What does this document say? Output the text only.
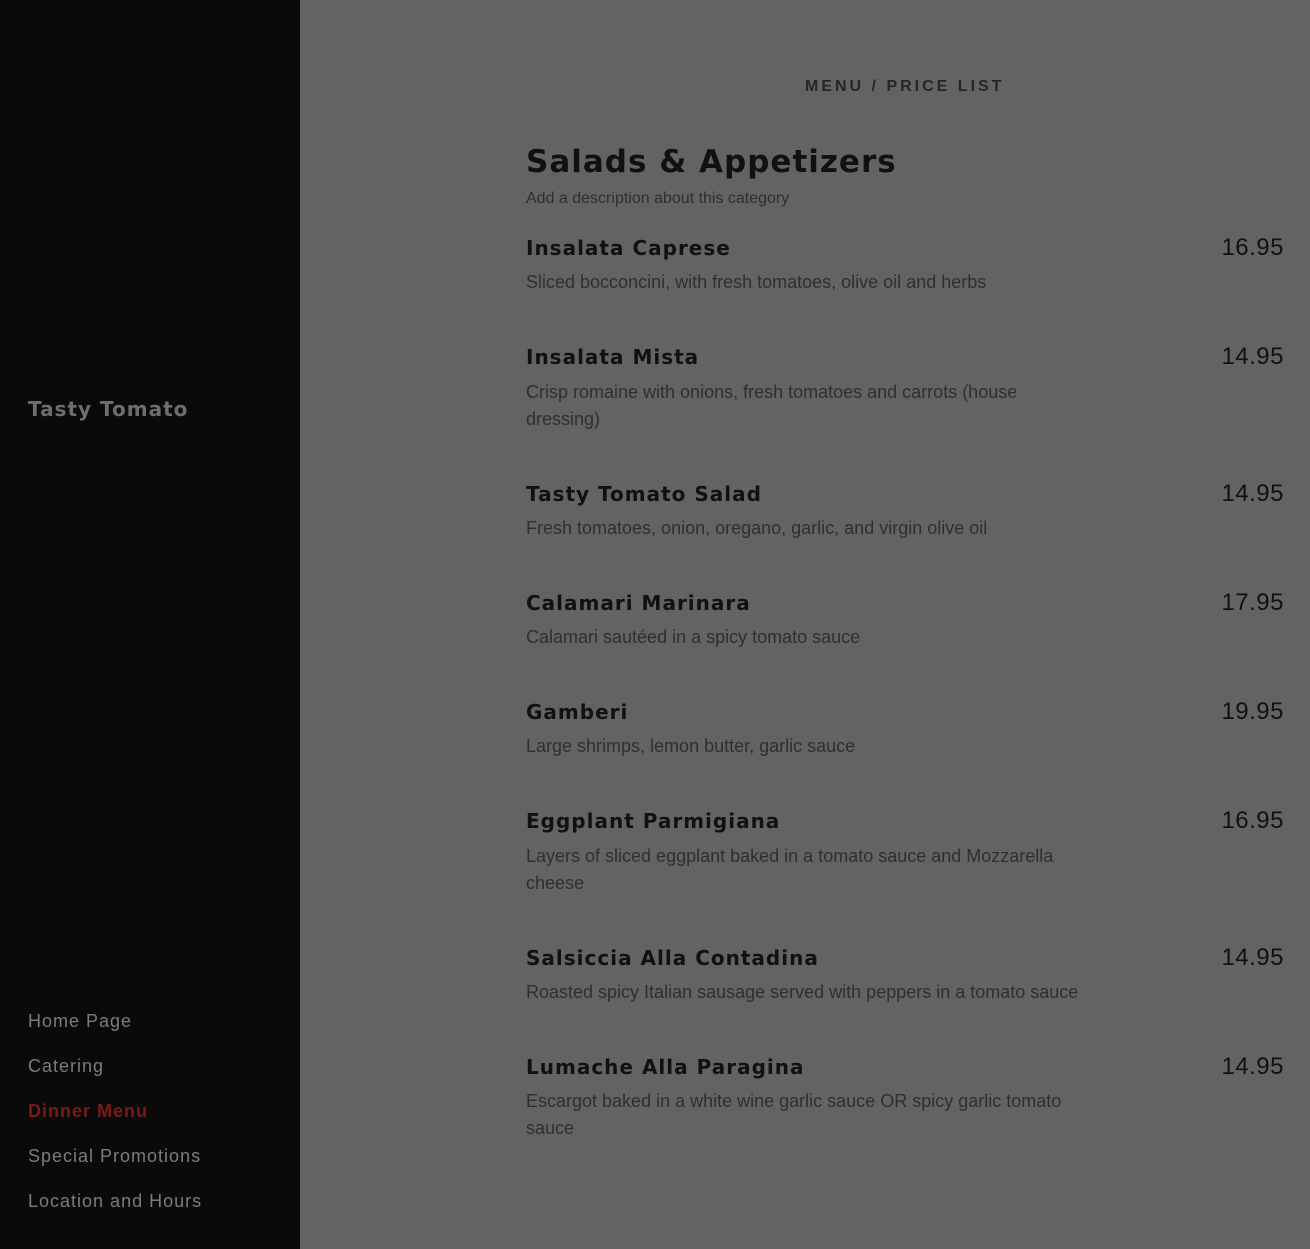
Tasty Tomato
Home Page
Catering
Dinner Menu
Special Promotions
Location and Hours
MENU / PRICE LIST
Salads & Appetizers
Add a description about this category
Insalata Caprese	16.95
Sliced bocconcini, with fresh tomatoes, olive oil and herbs
Insalata Mista	14.95
Crisp romaine with onions, fresh tomatoes and carrots (house dressing)
Tasty Tomato Salad	14.95
Fresh tomatoes, onion, oregano, garlic, and virgin olive oil
Calamari Marinara	17.95
Calamari sautéed in a spicy tomato sauce
Gamberi	19.95
Large shrimps, lemon butter, garlic sauce
Eggplant Parmigiana	16.95
Layers of sliced eggplant baked in a tomato sauce and Mozzarella cheese
Salsiccia Alla Contadina	14.95
Roasted spicy Italian sausage served with peppers in a tomato sauce
Lumache Alla Paragina	14.95
Escargot baked in a white wine garlic sauce OR spicy garlic tomato sauce
